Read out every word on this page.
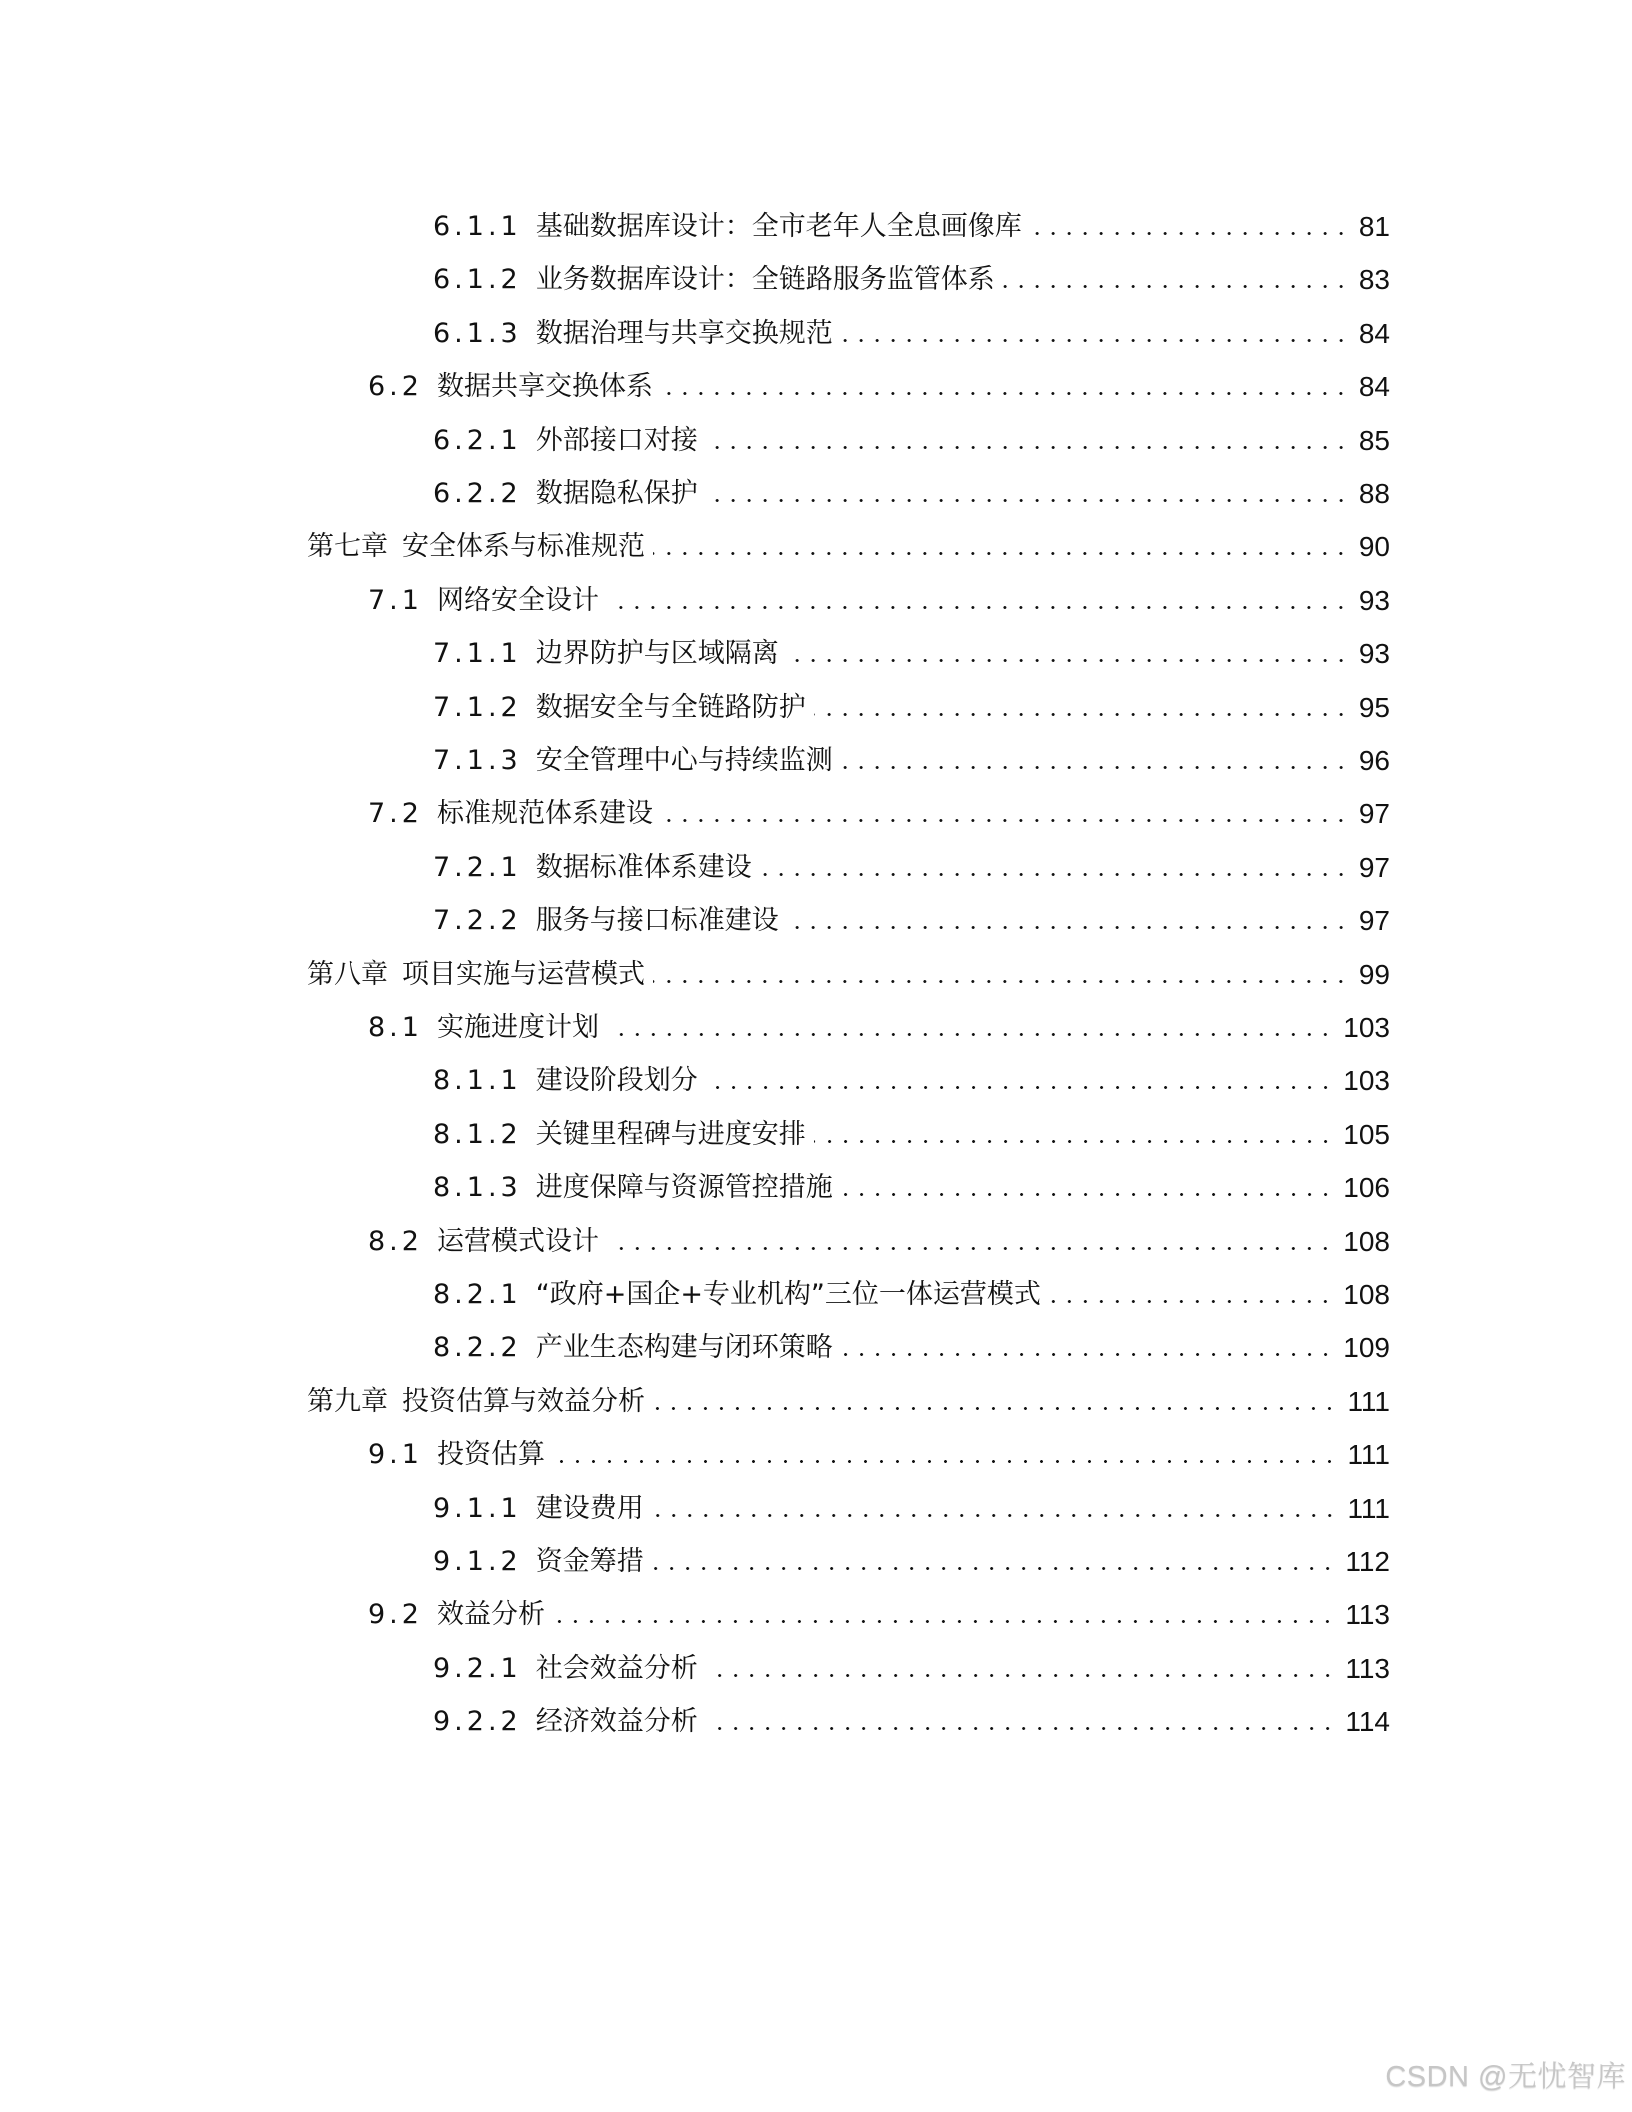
6.1.1 基础数据库设计：全市老年人全息画像库	81
6.1.2 业务数据库设计：全链路服务监管体系	83
6.1.3 数据治理与共享交换规范	84
6.2 数据共享交换体系	84
6.2.1 外部接口对接	85
6.2.2 数据隐私保护	88
第七章 安全体系与标准规范	90
7.1 网络安全设计	93
7.1.1 边界防护与区域隔离	93
7.1.2 数据安全与全链路防护	95
7.1.3 安全管理中心与持续监测	96
7.2 标准规范体系建设	97
7.2.1 数据标准体系建设	97
7.2.2 服务与接口标准建设	97
第八章 项目实施与运营模式	99
8.1 实施进度计划	103
8.1.1 建设阶段划分	103
8.1.2 关键里程碑与进度安排	105
8.1.3 进度保障与资源管控措施	106
8.2 运营模式设计	108
8.2.1 “政府+国企+专业机构”三位一体运营模式	108
8.2.2 产业生态构建与闭环策略	109
第九章 投资估算与效益分析	111
9.1 投资估算	111
9.1.1 建设费用	111
9.1.2 资金筹措	112
9.2 效益分析	113
9.2.1 社会效益分析	113
9.2.2 经济效益分析	114
CSDN @无忧智库
